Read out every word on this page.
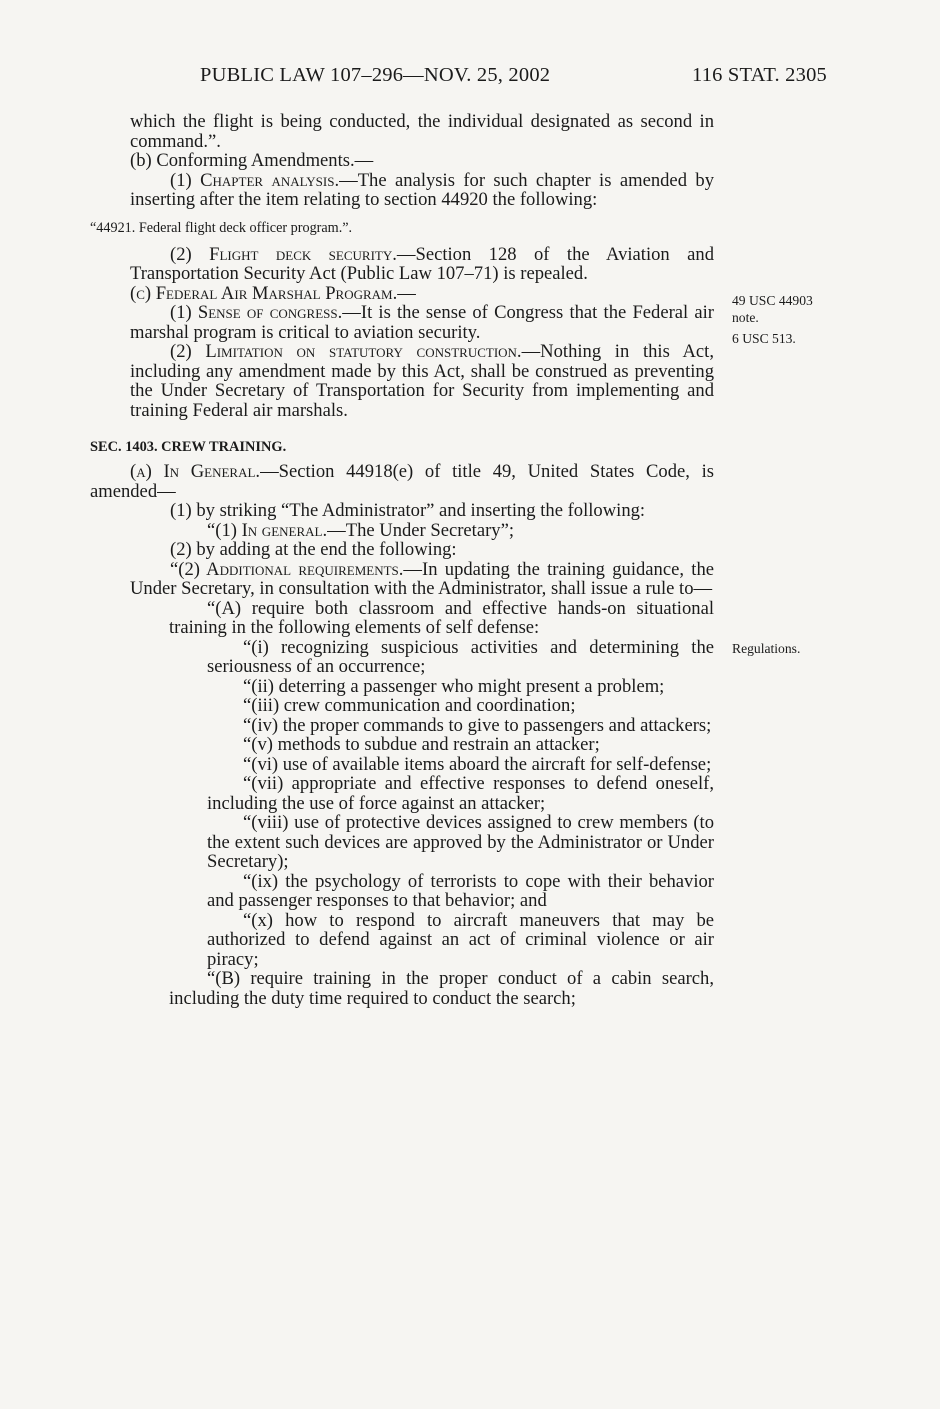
PUBLIC LAW 107–296—NOV. 25, 2002	116 STAT. 2305
49 USC 44903
note.
6 USC 513.
Regulations.

which the flight is being conducted, the individual designated as second in command.”.

(b) Conforming Amendments.—

(1) Chapter analysis.—The analysis for such chapter is amended by inserting after the item relating to section 44920 the following:

“44921. Federal flight deck officer program.”.

(2) Flight deck security.—Section 128 of the Aviation and Transportation Security Act (Public Law 107–71) is repealed.

(c) Federal Air Marshal Program.—

(1) Sense of congress.—It is the sense of Congress that the Federal air marshal program is critical to aviation security.

(2) Limitation on statutory construction.—Nothing in this Act, including any amendment made by this Act, shall be construed as preventing the Under Secretary of Transportation for Security from implementing and training Federal air marshals.

SEC. 1403. CREW TRAINING.

(a) In General.—Section 44918(e) of title 49, United States Code, is amended—

(1) by striking “The Administrator” and inserting the following:

“(1) In general.—The Under Secretary”;

(2) by adding at the end the following:

“(2) Additional requirements.—In updating the training guidance, the Under Secretary, in consultation with the Administrator, shall issue a rule to—

“(A) require both classroom and effective hands-on situational training in the following elements of self defense:

“(i) recognizing suspicious activities and determining the seriousness of an occurrence;

“(ii) deterring a passenger who might present a problem;

“(iii) crew communication and coordination;

“(iv) the proper commands to give to passengers and attackers;

“(v) methods to subdue and restrain an attacker;

“(vi) use of available items aboard the aircraft for self-defense;

“(vii) appropriate and effective responses to defend oneself, including the use of force against an attacker;

“(viii) use of protective devices assigned to crew members (to the extent such devices are approved by the Administrator or Under Secretary);

“(ix) the psychology of terrorists to cope with their behavior and passenger responses to that behavior; and

“(x) how to respond to aircraft maneuvers that may be authorized to defend against an act of criminal violence or air piracy;

“(B) require training in the proper conduct of a cabin search, including the duty time required to conduct the search;
